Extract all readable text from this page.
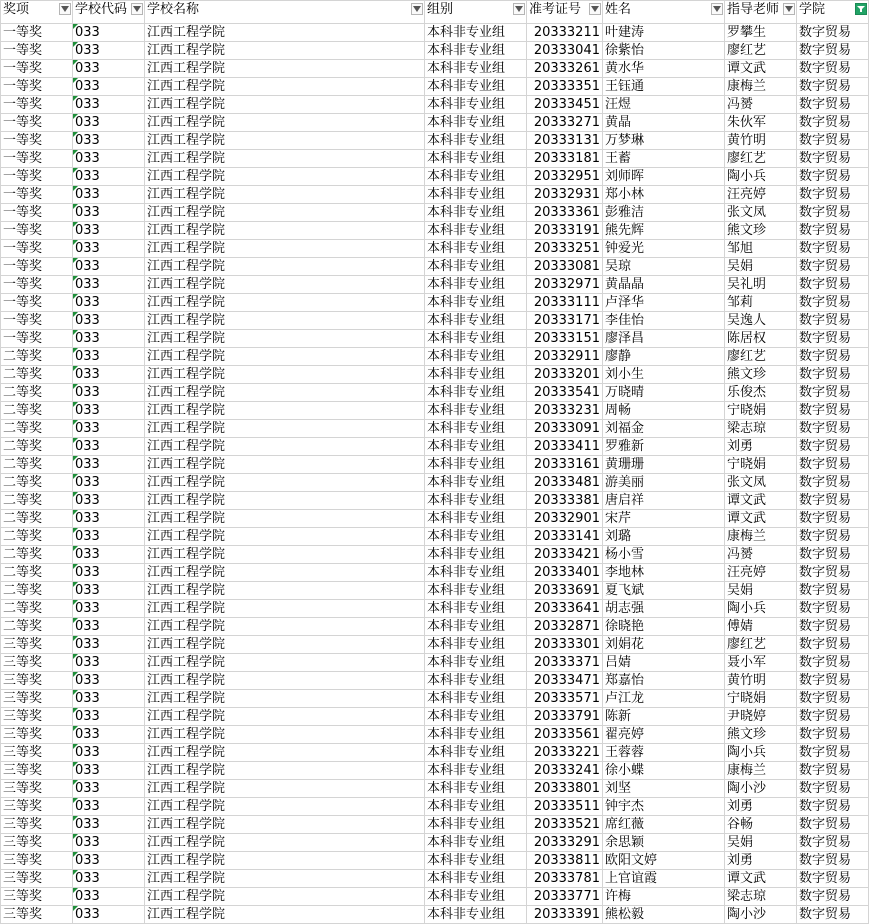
奖项	学校代码	学校名称	组别	准考证号	姓名	指导老师	学院

一等奖	033	江西工程学院	本科非专业组	20333211	叶建涛	罗攀生	数字贸易
一等奖	033	江西工程学院	本科非专业组	20333041	徐紫怡	廖红艺	数字贸易
一等奖	033	江西工程学院	本科非专业组	20333261	黄水华	谭文武	数字贸易
一等奖	033	江西工程学院	本科非专业组	20333351	王钰通	康梅兰	数字贸易
一等奖	033	江西工程学院	本科非专业组	20333451	汪煜	冯赟	数字贸易
一等奖	033	江西工程学院	本科非专业组	20333271	黄晶	朱伙军	数字贸易
一等奖	033	江西工程学院	本科非专业组	20333131	万梦琳	黄竹明	数字贸易
一等奖	033	江西工程学院	本科非专业组	20333181	王蓄	廖红艺	数字贸易
一等奖	033	江西工程学院	本科非专业组	20332951	刘师晖	陶小兵	数字贸易
一等奖	033	江西工程学院	本科非专业组	20332931	郑小林	汪亮婷	数字贸易
一等奖	033	江西工程学院	本科非专业组	20333361	彭雅洁	张文凤	数字贸易
一等奖	033	江西工程学院	本科非专业组	20333191	熊先辉	熊文珍	数字贸易
一等奖	033	江西工程学院	本科非专业组	20333251	钟爱光	邹旭	数字贸易
一等奖	033	江西工程学院	本科非专业组	20333081	吴琼	吴娟	数字贸易
一等奖	033	江西工程学院	本科非专业组	20332971	黄晶晶	吴礼明	数字贸易
一等奖	033	江西工程学院	本科非专业组	20333111	卢泽华	邹莉	数字贸易
一等奖	033	江西工程学院	本科非专业组	20333171	李佳怡	吴逸人	数字贸易
一等奖	033	江西工程学院	本科非专业组	20333151	廖泽昌	陈居权	数字贸易
二等奖	033	江西工程学院	本科非专业组	20332911	廖静	廖红艺	数字贸易
二等奖	033	江西工程学院	本科非专业组	20333201	刘小生	熊文珍	数字贸易
二等奖	033	江西工程学院	本科非专业组	20333541	万晓晴	乐俊杰	数字贸易
二等奖	033	江西工程学院	本科非专业组	20333231	周畅	宁晓娟	数字贸易
二等奖	033	江西工程学院	本科非专业组	20333091	刘福金	梁志琼	数字贸易
二等奖	033	江西工程学院	本科非专业组	20333411	罗雅新	刘勇	数字贸易
二等奖	033	江西工程学院	本科非专业组	20333161	黄珊珊	宁晓娟	数字贸易
二等奖	033	江西工程学院	本科非专业组	20333481	游美丽	张文凤	数字贸易
二等奖	033	江西工程学院	本科非专业组	20333381	唐启祥	谭文武	数字贸易
二等奖	033	江西工程学院	本科非专业组	20332901	宋芹	谭文武	数字贸易
二等奖	033	江西工程学院	本科非专业组	20333141	刘璐	康梅兰	数字贸易
二等奖	033	江西工程学院	本科非专业组	20333421	杨小雪	冯赟	数字贸易
二等奖	033	江西工程学院	本科非专业组	20333401	李地林	汪亮婷	数字贸易
二等奖	033	江西工程学院	本科非专业组	20333691	夏飞斌	吴娟	数字贸易
二等奖	033	江西工程学院	本科非专业组	20333641	胡志强	陶小兵	数字贸易
二等奖	033	江西工程学院	本科非专业组	20332871	徐晓艳	傅婧	数字贸易
三等奖	033	江西工程学院	本科非专业组	20333301	刘娟花	廖红艺	数字贸易
三等奖	033	江西工程学院	本科非专业组	20333371	吕婧	聂小军	数字贸易
三等奖	033	江西工程学院	本科非专业组	20333471	郑嘉怡	黄竹明	数字贸易
三等奖	033	江西工程学院	本科非专业组	20333571	卢江龙	宁晓娟	数字贸易
三等奖	033	江西工程学院	本科非专业组	20333791	陈新	尹晓婷	数字贸易
三等奖	033	江西工程学院	本科非专业组	20333561	翟亮婷	熊文珍	数字贸易
三等奖	033	江西工程学院	本科非专业组	20333221	王蓉蓉	陶小兵	数字贸易
三等奖	033	江西工程学院	本科非专业组	20333241	徐小蝶	康梅兰	数字贸易
三等奖	033	江西工程学院	本科非专业组	20333801	刘坚	陶小沙	数字贸易
三等奖	033	江西工程学院	本科非专业组	20333511	钟宇杰	刘勇	数字贸易
三等奖	033	江西工程学院	本科非专业组	20333521	席红薇	谷畅	数字贸易
三等奖	033	江西工程学院	本科非专业组	20333291	余思颖	吴娟	数字贸易
三等奖	033	江西工程学院	本科非专业组	20333811	欧阳文婷	刘勇	数字贸易
三等奖	033	江西工程学院	本科非专业组	20333781	上官谊霞	谭文武	数字贸易
三等奖	033	江西工程学院	本科非专业组	20333771	许梅	梁志琼	数字贸易
三等奖	033	江西工程学院	本科非专业组	20333391	熊松毅	陶小沙	数字贸易
